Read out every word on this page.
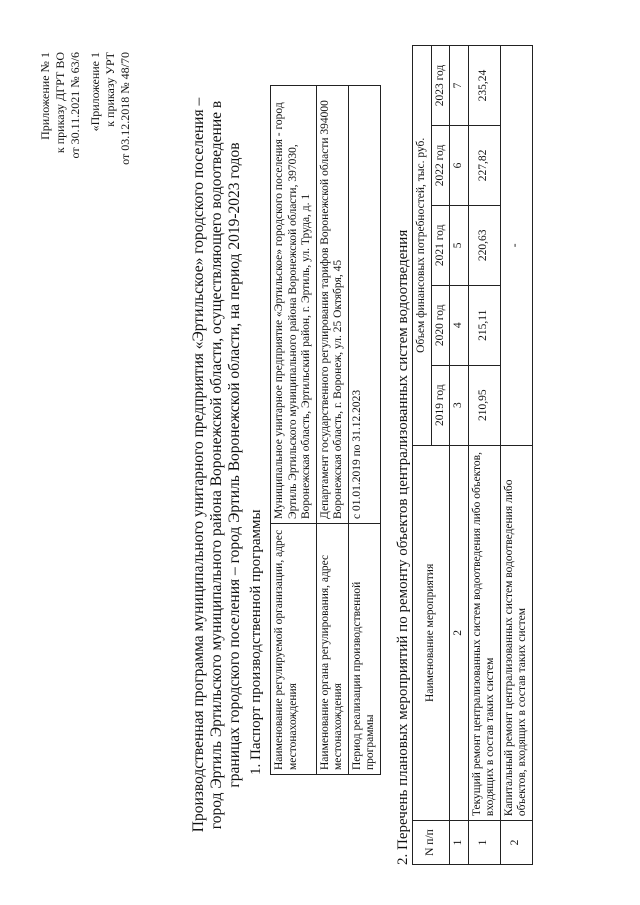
Приложение № 1 к приказу ДГРТ ВО от 30.11.2021 № 63/6 «Приложение 1 к приказу УРТ от 03.12.2018 № 48/70	Производственная программа муниципального унитарного предприятия «Эртильское» городского поселения – город Эртиль Эртильского муниципального района Воронежской области, осуществляющего водоотведение в границах городского поселения – город Эртиль Воронежской области, на период 2019-2023 годов 1. Паспорт производственной программы Наименование регулируемой организации, адрес местонахождения	Муниципальное унитарное предприятие «Эртильское» городского поселения - город Эртиль Эртильского муниципального района Воронежской области, 397030, Воронежская область, Эртильский район, г. Эртиль, ул. Труда, д. 1
Наименование органа регулирования, адрес местонахождения	Департамент государственного регулирования тарифов Воронежской области 394000 Воронежская область, г. Воронеж, ул. 25 Октября, 45
Период реализации производственной программы	с 01.01.2019 по 31.12.2023 2. Перечень плановых мероприятий по ремонту объектов централизованных систем водоотведения N п/п	Наименование мероприятия	Объем финансовых потребностей, тыс. руб.				
		2019 год	2020 год	2021 год	2022 год	2023 год
1	2	3	4	5	6	7
1	Текущий ремонт централизованных систем водоотведения либо объектов, входящих в состав таких систем	210,95	215,11	220,63	227,82	235,24
2	Капитальный ремонт централизованных систем водоотведения либо объектов, входящих в состав таких систем	-				
